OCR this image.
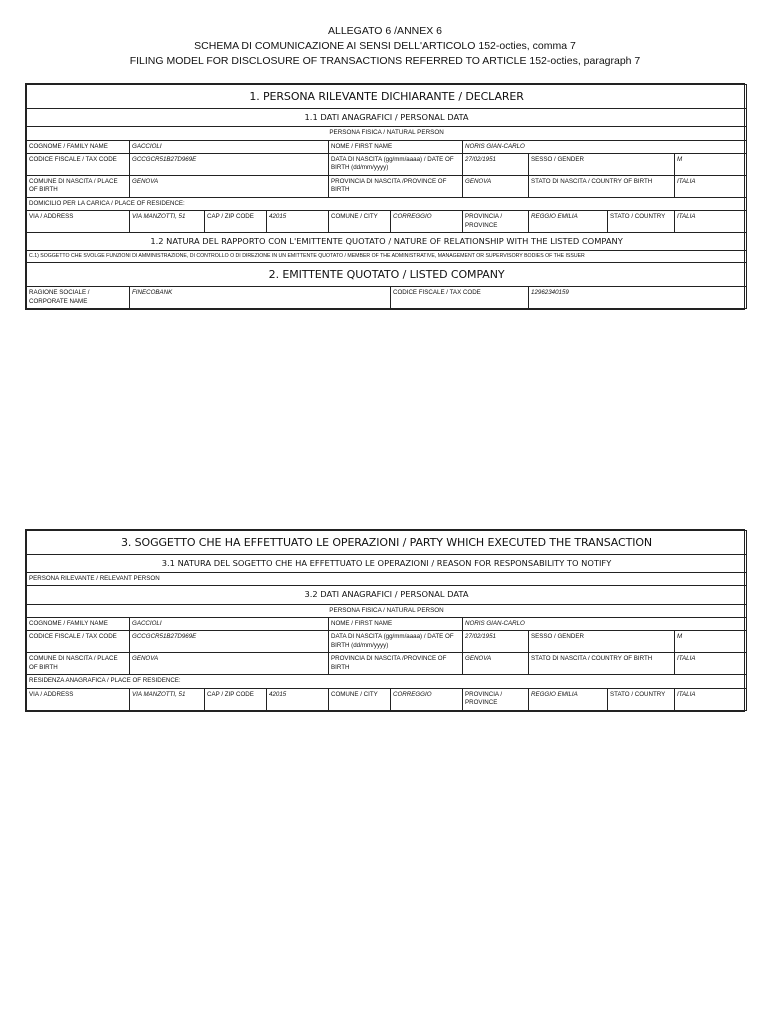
ALLEGATO 6 /ANNEX 6
SCHEMA DI COMUNICAZIONE AI SENSI DELL'ARTICOLO 152-octies, comma 7
FILING MODEL FOR DISCLOSURE OF TRANSACTIONS REFERRED TO ARTICLE 152-octies, paragraph 7
1. PERSONA RILEVANTE DICHIARANTE / DECLARER									
1.1 DATI ANAGRAFICI / PERSONAL DATA									
PERSONA FISICA / NATURAL PERSON									
COGNOME / FAMILY NAME	GACCIOLI			NOME / FIRST NAME		NORIS GIAN-CARLO			
CODICE FISCALE / TAX CODE	GCCGCR51B27D969E			DATA DI NASCITA (gg/mm/aaaa) / DATE OF BIRTH (dd/mm/yyyy)		27/02/1951	SESSO / GENDER		M
COMUNE DI NASCITA / PLACE OF BIRTH	GENOVA			PROVINCIA DI NASCITA /PROVINCE OF BIRTH		GENOVA	STATO DI NASCITA / COUNTRY OF BIRTH		ITALIA
DOMICILIO PER LA CARICA / PLACE OF RESIDENCE:									
VIA / ADDRESS	VIA MANZOTTI, 51	CAP / ZIP CODE	42015	COMUNE / CITY	CORREGGIO	PROVINCIA / PROVINCE	REGGIO EMILIA	STATO / COUNTRY	ITALIA
1.2 NATURA DEL RAPPORTO CON L'EMITTENTE QUOTATO / NATURE OF RELATIONSHIP WITH THE LISTED COMPANY									
C.1) SOGGETTO CHE SVOLGE FUNZIONI DI AMMINISTRAZIONE, DI CONTROLLO O DI DIREZIONE IN UN EMITTENTE QUOTATO / MEMBER OF THE ADMINISTRATIVE, MANAGEMENT OR SUPERVISORY BODIES OF THE ISSUER									
2. EMITTENTE QUOTATO / LISTED COMPANY									
RAGIONE SOCIALE / CORPORATE NAME	FINECOBANK				CODICE FISCALE / TAX CODE		12962340159		
3. SOGGETTO CHE HA EFFETTUATO LE OPERAZIONI / PARTY WHICH EXECUTED THE TRANSACTION									
3.1 NATURA DEL SOGETTO CHE HA EFFETTUATO LE OPERAZIONI / REASON FOR RESPONSABILITY TO NOTIFY									
PERSONA RILEVANTE / RELEVANT PERSON									
3.2 DATI ANAGRAFICI / PERSONAL DATA									
PERSONA FISICA / NATURAL PERSON									
COGNOME / FAMILY NAME	GACCIOLI			NOME / FIRST NAME		NORIS GIAN-CARLO			
CODICE FISCALE / TAX CODE	GCCGCR51B27D969E			DATA DI NASCITA (gg/mm/aaaa) / DATE OF BIRTH (dd/mm/yyyy)		27/02/1951	SESSO / GENDER		M
COMUNE DI NASCITA / PLACE OF BIRTH	GENOVA			PROVINCIA DI NASCITA /PROVINCE OF BIRTH		GENOVA	STATO DI NASCITA / COUNTRY OF BIRTH		ITALIA
RESIDENZA ANAGRAFICA / PLACE OF RESIDENCE:									
VIA / ADDRESS	VIA MANZOTTI, 51	CAP / ZIP CODE	42015	COMUNE / CITY	CORREGGIO	PROVINCIA / PROVINCE	REGGIO EMILIA	STATO / COUNTRY	ITALIA
